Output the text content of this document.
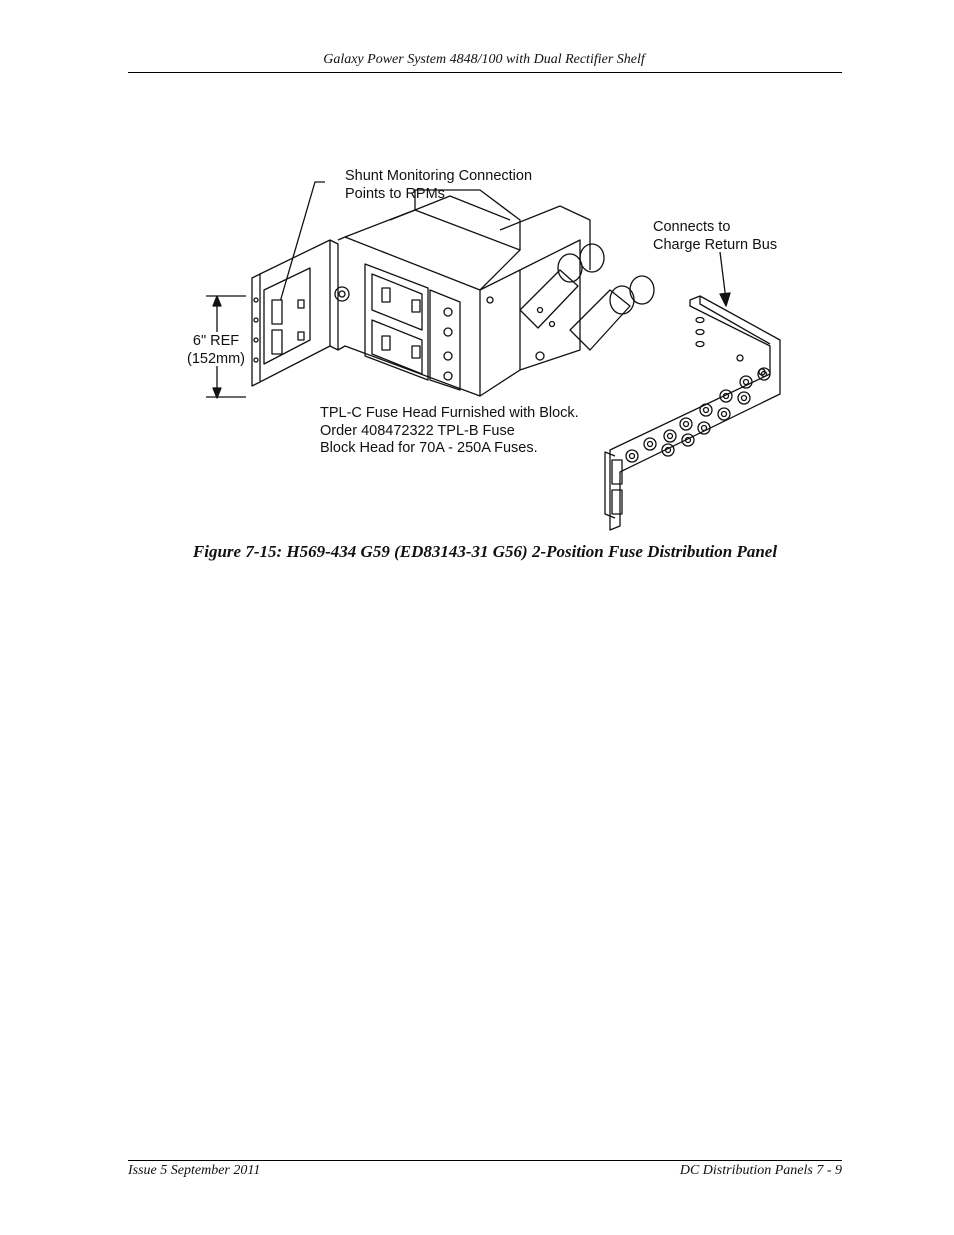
Galaxy Power System 4848/100 with Dual Rectifier Shelf
Shunt Monitoring Connection
Points to RPMs
Connects to
Charge Return Bus
6" REF
(152mm)
TPL-C Fuse Head Furnished with Block.
Order 408472322 TPL-B Fuse
Block Head for 70A - 250A Fuses.
Figure 7-15: H569-434 G59 (ED83143-31 G56) 2-Position Fuse Distribution Panel
Issue 5 September 2011	DC Distribution Panels 7 - 9
